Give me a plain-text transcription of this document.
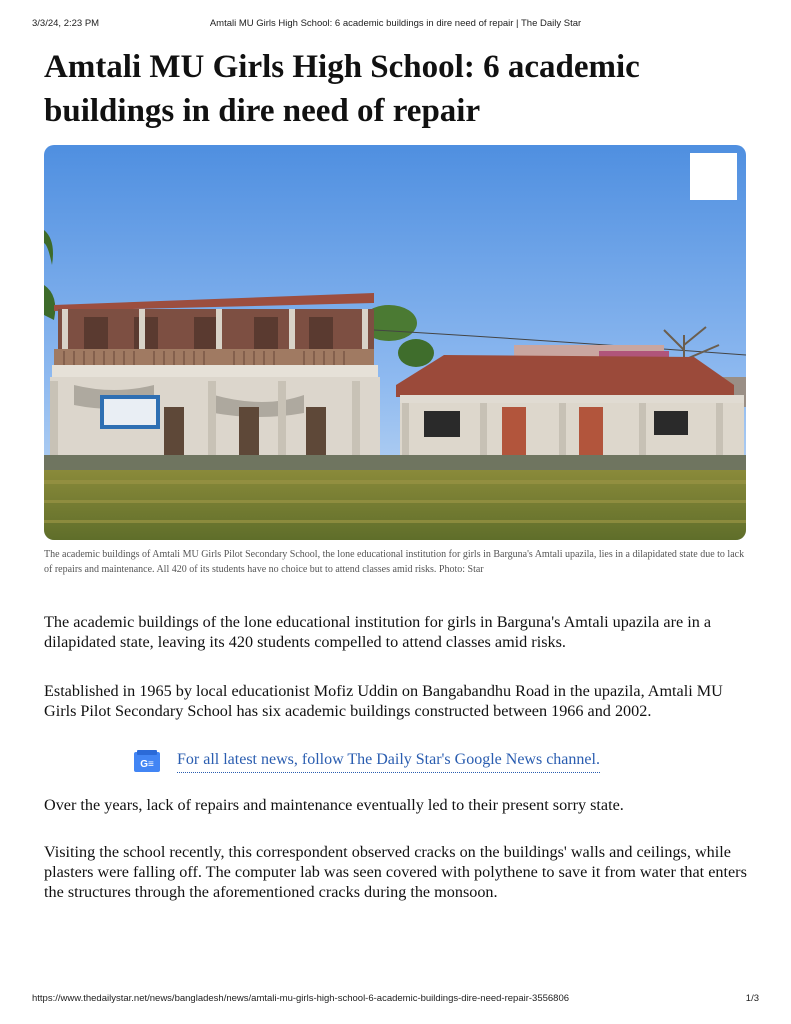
3/3/24, 2:23 PM	Amtali MU Girls High School: 6 academic buildings in dire need of repair | The Daily Star
Amtali MU Girls High School: 6 academic buildings in dire need of repair
The academic buildings of Amtali MU Girls Pilot Secondary School, the lone educational institution for girls in Barguna's Amtali upazila, lies in a dilapidated state due to lack of repairs and maintenance. All 420 of its students have no choice but to attend classes amid risks. Photo: Star

The academic buildings of the lone educational institution for girls in Barguna's Amtali upazila are in a dilapidated state, leaving its 420 students compelled to attend classes amid risks.

Established in 1965 by local educationist Mofiz Uddin on Bangabandhu Road in the upazila, Amtali MU Girls Pilot Secondary School has six academic buildings constructed between 1966 and 2002.

G≡ For all latest news, follow The Daily Star's Google News channel.

Over the years, lack of repairs and maintenance eventually led to their present sorry state.

Visiting the school recently, this correspondent observed cracks on the buildings' walls and ceilings, while plasters were falling off. The computer lab was seen covered with polythene to save it from water that enters the structures through the aforementioned cracks during the monsoon.

https://www.thedailystar.net/news/bangladesh/news/amtali-mu-girls-high-school-6-academic-buildings-dire-need-repair-3556806	1/3
